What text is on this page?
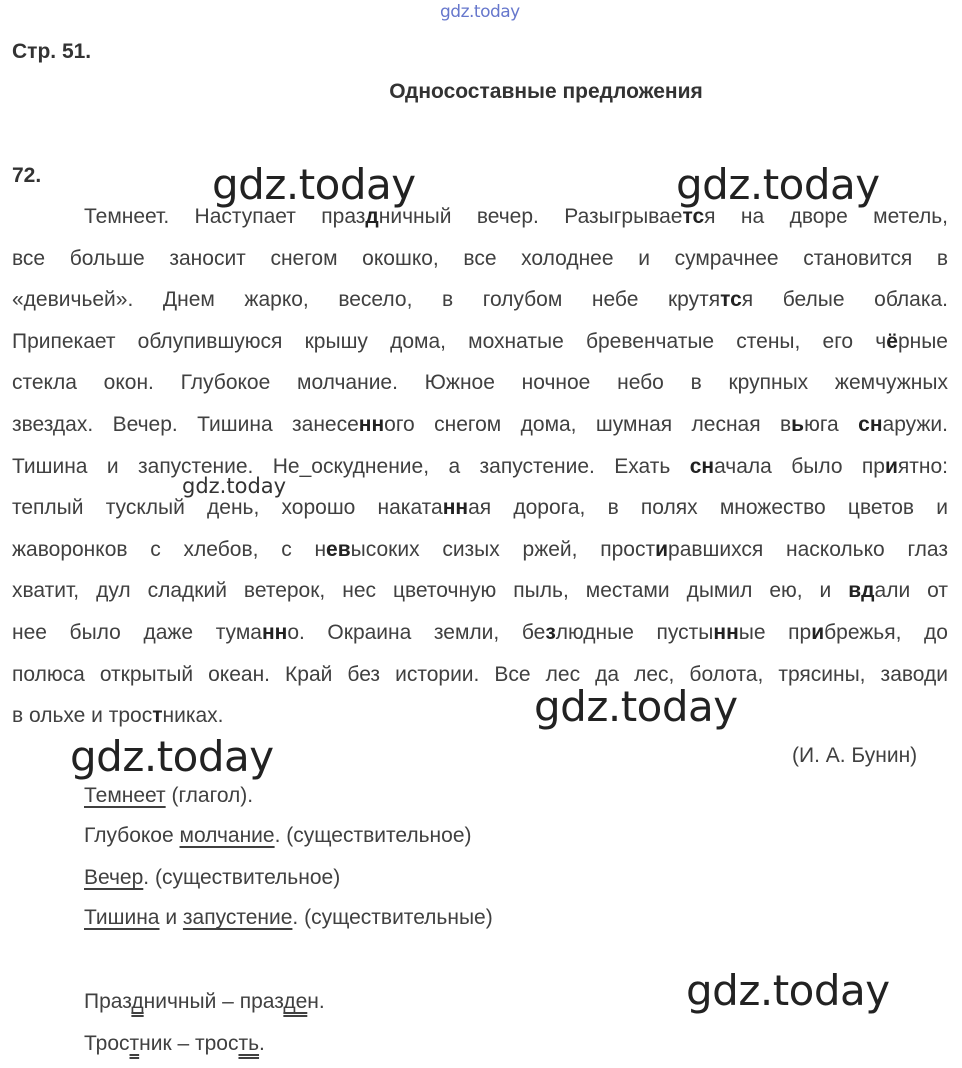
gdz.today
Стр. 51.
Односоставные предложения
72.
Темнеет. Наступает праздничный вечер. Разыгрывается на дворе метель,
все больше заносит снегом окошко, все холоднее и сумрачнее становится в
«девичьей». Днем жарко, весело, в голубом небе крутятся белые облака.
Припекает облупившуюся крышу дома, мохнатые бревенчатые стены, его чёрные
стекла окон. Глубокое молчание. Южное ночное небо в крупных жемчужных
звездах. Вечер. Тишина занесенного снегом дома, шумная лесная вьюга снаружи.
Тишина и запустение. Не_оскуднение, а запустение. Ехать сначала было приятно:
теплый тусклый день, хорошо накатанная дорога, в полях множество цветов и
жаворонков с хлебов, с невысоких сизых ржей, простиравшихся насколько глаз
хватит, дул сладкий ветерок, нес цветочную пыль, местами дымил ею, и вдали от
нее было даже туманно. Окраина земли, безлюдные пустынные прибрежья, до
полюса открытый океан. Край без истории. Все лес да лес, болота, трясины, заводи
в ольхе и тростниках.
(И. А. Бунин)
Темнеет (глагол).
Глубокое молчание. (существительное)
Вечер. (существительное)
Тишина и запустение. (существительные)
Праздничный – празден.
Тростник – трость.
gdz.today	gdz.today
gdz.today
gdz.today
gdz.today
gdz.today
